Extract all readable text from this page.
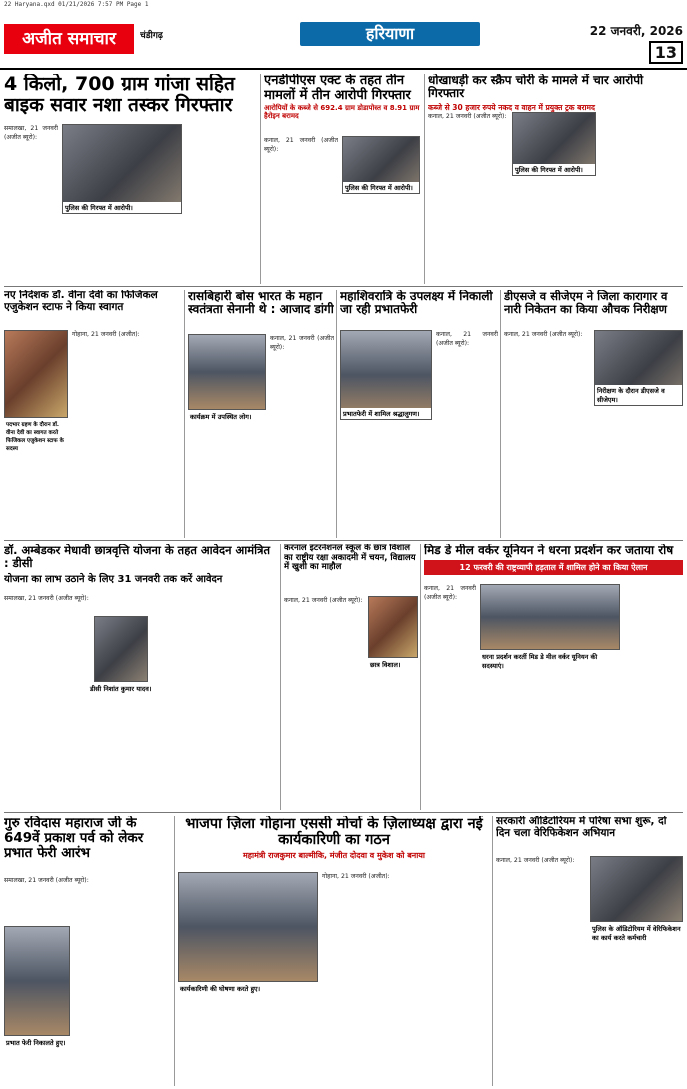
22 Haryana.qxd 01/21/2026 7:57 PM Page 1
अजीत समाचार	चंडीगढ़	हरियाणा	22 जनवरी, 2026
13
4 किलो, 700 ग्राम गांजा सहित बाइक सवार नशा तस्कर गिरफ्तार
पुलिस की गिरफ्त में आरोपी।
समालखा, 21 जनवरी (अजीत ब्यूरो):
एनडीपीएस एक्ट के तहत तीन मामलों में तीन आरोपी गिरफ्तार
आरोपियों के कब्जे से 692.4 ग्राम डोडापोस्त व 8.91 ग्राम हैरोइन बरामद
पुलिस की गिरफ्त में आरोपी।
कनाल, 21 जनवरी (अजीत ब्यूरो):
धोखाधड़ी कर स्क्रैप चोरी के मामले में चार आरोपी गिरफ्तार
कब्जे से 30 हजार रुपये नकद व वाहन में प्रयुक्त ट्रक बरामद
पुलिस की गिरफ्त में आरोपी।
कनाल, 21 जनवरी (अजीत ब्यूरो):
नए निदेशक डॉ. वीना देवी का फिजिकल एजुकेशन स्टाफ ने किया स्वागत
पदभार ग्रहण के दौरान डॉ. वीना देवी का स्वागत करते फिजिकल एजुकेशन स्टाफ के सदस्य
गोहाना, 21 जनवरी (अजीत):
रासबिहारी बोस भारत के महान स्वतंत्रता सेनानी थे : आजाद डांगी
कार्यक्रम में उपस्थित लोग।
कनाल, 21 जनवरी (अजीत ब्यूरो):
महाशिवरात्रि के उपलक्ष्य में निकाली जा रही प्रभातफेरी
प्रभातफेरी में शामिल श्रद्धालुगण।
कनाल, 21 जनवरी (अजीत ब्यूरो):
डीएसजे व सीजेएम ने जिला कारागार व नारी निकेतन का किया औचक निरीक्षण
निरीक्षण के दौरान डीएसजे व सीजेएम।
कनाल, 21 जनवरी (अजीत ब्यूरो):
डॉ. अम्बेडकर मेधावी छात्रवृत्ति योजना के तहत आवेदन आमंत्रित : डीसी
योजना का लाभ उठाने के लिए 31 जनवरी तक करें आवेदन
डीसी निशांत कुमार यादव।
समालखा, 21 जनवरी (अजीत ब्यूरो):
करनाल इंटरनेशनल स्कूल के छात्र विशाल का राष्ट्रीय रक्षा अकादमी में चयन, विद्यालय में खुशी का माहौल
छात्र विशाल।
कनाल, 21 जनवरी (अजीत ब्यूरो):
मिड डे मील वर्कर यूनियन ने धरना प्रदर्शन कर जताया रोष
12 फरवरी की राष्ट्रव्यापी हड़ताल में शामिल होने का किया ऐलान
कनाल, 21 जनवरी (अजीत ब्यूरो):
धरना प्रदर्शन करतीं मिड डे मील वर्कर यूनियन की सदस्याएं।
गुरु रविदास महाराज जी के 649वें प्रकाश पर्व को लेकर प्रभात फेरी आरंभ
प्रभात फेरी निकालते हुए।
समालखा, 21 जनवरी (अजीत ब्यूरो):
भाजपा ज़िला गोहाना एससी मोर्चा के ज़िलाध्यक्ष द्वारा नई कार्यकारिणी का गठन
महामंत्री राजकुमार बाल्मीकि, मंजीत दोदवा व मुकेश को बनाया
कार्यकारिणी की घोषणा करते हुए।
गोहाना, 21 जनवरी (अजीत):
सरकारी ऑडिटोरियम में परिषा सभा शुरू, दो दिन चला वेरिफिकेशन अभियान
कनाल, 21 जनवरी (अजीत ब्यूरो):
पुलिस के ऑडिटोरियम में वेरिफिकेशन का कार्य करते कर्मचारी
